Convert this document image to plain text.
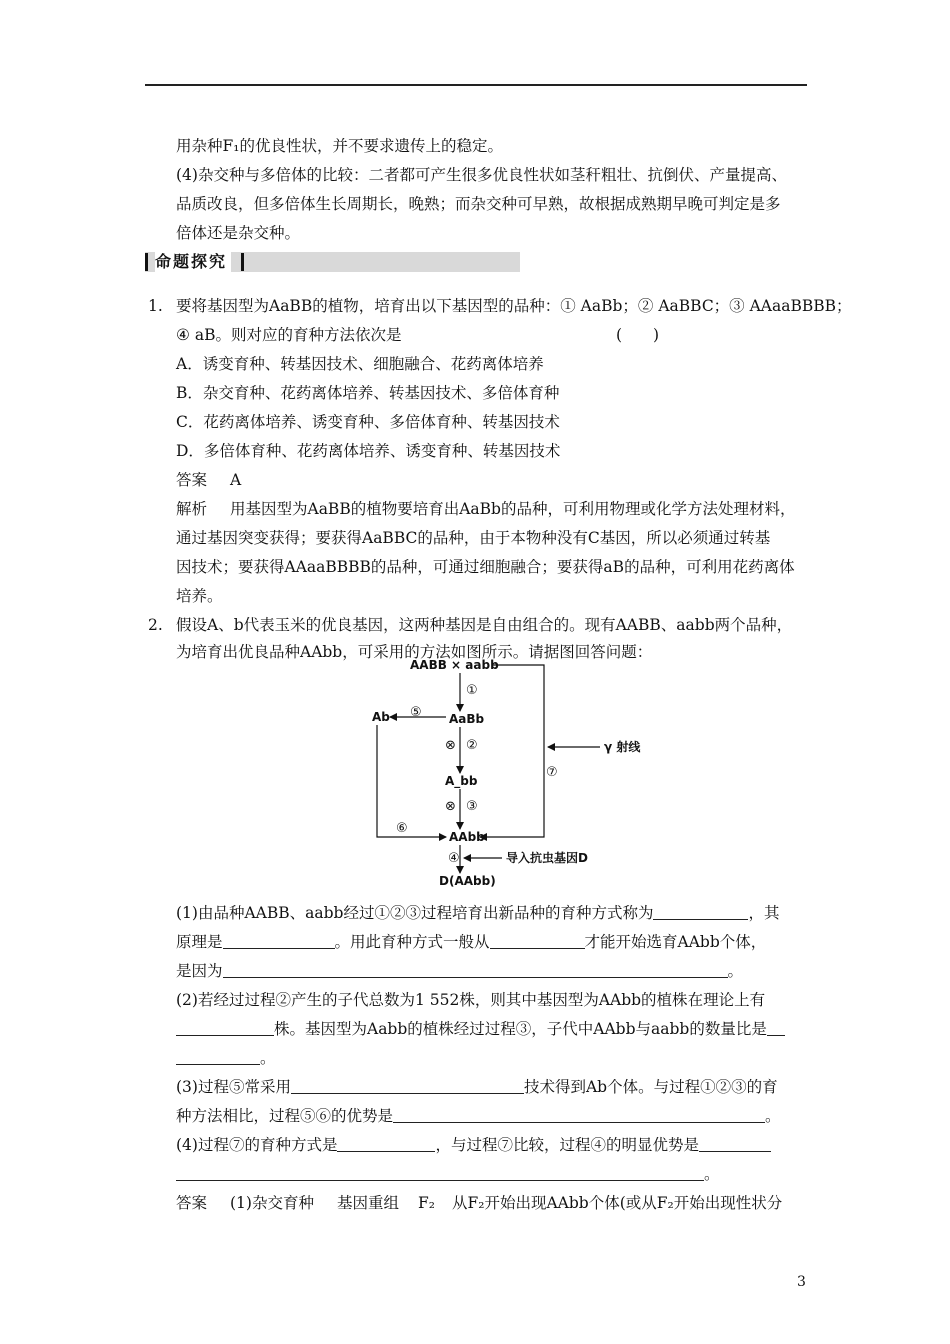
用杂种F₁的优良性状，并不要求遗传上的稳定。
(4)杂交种与多倍体的比较：二者都可产生很多优良性状如茎秆粗壮、抗倒伏、产量提高、
品质改良，但多倍体生长周期长，晚熟；而杂交种可早熟，故根据成熟期早晚可判定是多
倍体还是杂交种。
命题探究
1. 要将基因型为AaBB的植物，培育出以下基因型的品种：① AaBb；② AaBBC；③ AAaaBBBB；
④ aB。则对应的育种方法依次是	(　　)
A．诱变育种、转基因技术、细胞融合、花药离体培养
B．杂交育种、花药离体培养、转基因技术、多倍体育种
C．花药离体培养、诱变育种、多倍体育种、转基因技术
D．多倍体育种、花药离体培养、诱变育种、转基因技术
答案 A
解析 用基因型为AaBB的植物要培育出AaBb的品种，可利用物理或化学方法处理材料，
通过基因突变获得；要获得AaBBC的品种，由于本物种没有C基因，所以必须通过转基
因技术；要获得AAaaBBBB的品种，可通过细胞融合；要获得aB的品种，可利用花药离体
培养。
2. 假设A、b代表玉米的优良基因，这两种基因是自由组合的。现有AABB、aabb两个品种，
为培育出优良品种AAbb，可采用的方法如图所示。请据图回答问题：
AABB × aabb
AaBb
A_bb
AAbb
D(AAbb)
Ab
γ 射线
导入抗虫基因D
①
②
③
④
⑤
⑥
⑦
⊗
⊗
(1)由品种AABB、aabb经过①②③过程培育出新品种的育种方式称为	，其
原理是	。用此育种方式一般从	才能开始选育AAbb个体，
是因为	。
(2)若经过过程②产生的子代总数为1 552株，则其中基因型为AAbb的植株在理论上有
株。基因型为Aabb的植株经过过程③，子代中AAbb与aabb的数量比是
。
(3)过程⑤常采用	技术得到Ab个体。与过程①②③的育
种方法相比，过程⑤⑥的优势是	。
(4)过程⑦的育种方式是	，与过程⑦比较，过程④的明显优势是
。
答案 (1)杂交育种 基因重组 F₂ 从F₂开始出现AAbb个体(或从F₂开始出现性状分
3
